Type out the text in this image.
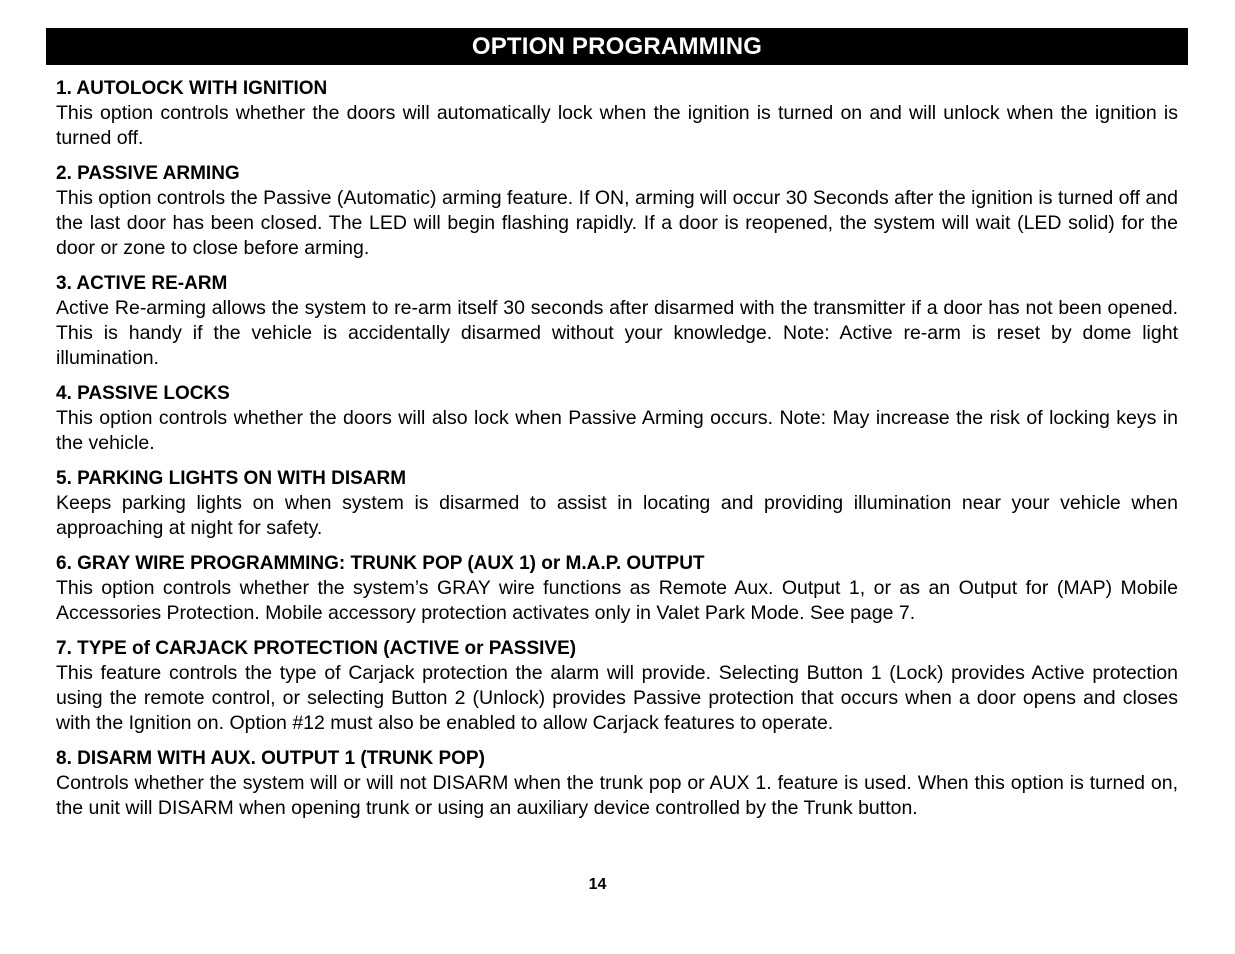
OPTION PROGRAMMING

1. AUTOLOCK WITH IGNITION

This option controls whether the doors will automatically lock when the ignition is turned on and will unlock when the ignition is turned off.

2. PASSIVE ARMING

This option controls the Passive (Automatic) arming feature. If ON, arming will occur 30 Seconds after the ignition is turned off and the last door has been closed. The LED will begin flashing rapidly. If a door is reopened, the system will wait (LED solid) for the door or zone to close before arming.

3. ACTIVE RE-ARM

Active Re-arming allows the system to re-arm itself 30 seconds after disarmed with the transmitter if a door has not been opened. This is handy if the vehicle is accidentally disarmed without your knowledge. Note: Active re-arm is reset by dome light illumination.

4. PASSIVE LOCKS

This option controls whether the doors will also lock when Passive Arming occurs. Note: May increase the risk of locking keys in the vehicle.

5. PARKING LIGHTS ON WITH DISARM

Keeps parking lights on when system is disarmed to assist in locating and providing illumination near your vehicle when approaching at night for safety.

6. GRAY WIRE PROGRAMMING: TRUNK POP (AUX 1) or M.A.P. OUTPUT

This option controls whether the system’s GRAY wire functions as Remote Aux. Output 1, or as an Output for (MAP) Mobile Accessories Protection. Mobile accessory protection activates only in Valet Park Mode. See page 7.

7. TYPE of CARJACK PROTECTION (ACTIVE or PASSIVE)

This feature controls the type of Carjack protection the alarm will provide. Selecting Button 1 (Lock) provides Active protection using the remote control, or selecting Button 2 (Unlock) provides Passive protection that occurs when a door opens and closes with the Ignition on. Option #12 must also be enabled to allow Carjack features to operate.

8. DISARM WITH AUX. OUTPUT 1 (TRUNK POP)

Controls whether the system will or will not DISARM when the trunk pop or AUX 1. feature is used. When this option is turned on, the unit will DISARM when opening trunk or using an auxiliary device controlled by the Trunk button.

14
